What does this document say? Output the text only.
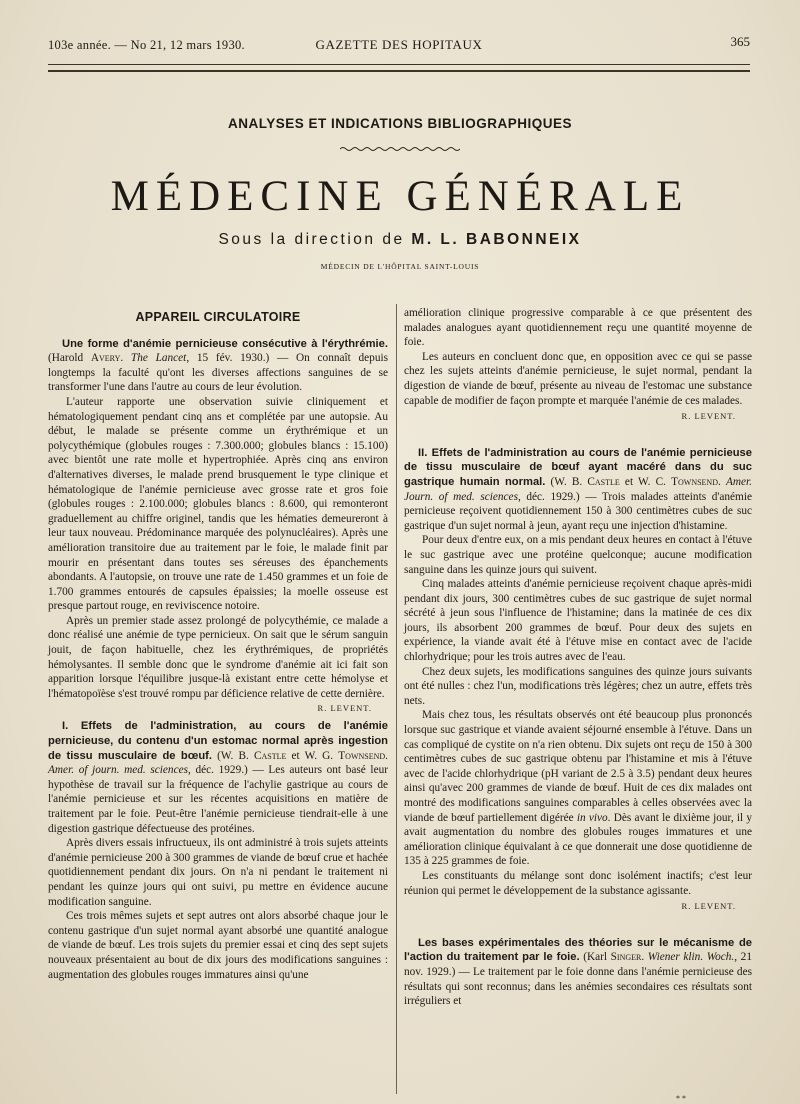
103e année. — No 21, 12 mars 1930.	GAZETTE DES HOPITAUX	365
ANALYSES ET INDICATIONS BIBLIOGRAPHIQUES
MÉDECINE GÉNÉRALE
Sous la direction de M. L. BABONNEIX
MÉDECIN DE L'HÔPITAL SAINT-LOUIS
APPAREIL CIRCULATOIRE

Une forme d'anémie pernicieuse consécutive à l'érythrémie.(Harold Avery. The Lancet, 15 fév. 1930.) — On connaît depuis longtemps la faculté qu'ont les diverses affections sanguines de se transformer l'une dans l'autre au cours de leur évolution.

L'auteur rapporte une observation suivie cliniquement et hématologiquement pendant cinq ans et complétée par une autopsie. Au début, le malade se présente comme un érythrémique et un polycythémique (globules rouges : 7.300.000; globules blancs : 15.100) avec bientôt une rate molle et hypertrophiée. Après cinq ans environ d'alternatives diverses, le malade prend brusquement le type clinique et hématologique de l'anémie pernicieuse avec grosse rate et gros foie (globules rouges : 2.100.000; globules blancs : 8.600, qui remonteront graduellement au chiffre originel, tandis que les hématies demeureront à leur taux nouveau. Prédominance marquée des polynucléaires). Après une amélioration transitoire due au traitement par le foie, le malade finit par mourir en présentant dans toutes ses séreuses des épanchements abondants. A l'autopsie, on trouve une rate de 1.450 grammes et un foie de 1.700 grammes entourés de capsules épaissies; la moelle osseuse est presque partout rouge, en reviviscence notoire.

Après un premier stade assez prolongé de polycythémie, ce malade a donc réalisé une anémie de type pernicieux. On sait que le sérum sanguin jouit, de façon habituelle, chez les érythrémiques, de propriétés hémolysantes. Il semble donc que le syndrome d'anémie ait ici fait son apparition lorsque l'équilibre jusque-là existant entre cette hémolyse et l'hématopoïèse s'est trouvé rompu par déficience relative de cette dernière.
R. LEVENT.

I. Effets de l'administration, au cours de l'anémie pernicieuse, du contenu d'un estomac normal après ingestion de tissu musculaire de bœuf. (W. B. Castle et W. G. Townsend. Amer. of journ. med. sciences, déc. 1929.) — Les auteurs ont basé leur hypothèse de travail sur la fréquence de l'achylie gastrique au cours de l'anémie pernicieuse et sur les récentes acquisitions en matière de traitement par le foie. Peut-être l'anémie pernicieuse tiendrait-elle à une digestion gastrique défectueuse des protéines.

Après divers essais infructueux, ils ont administré à trois sujets atteints d'anémie pernicieuse 200 à 300 grammes de viande de bœuf crue et hachée quotidiennement pendant dix jours. On n'a ni pendant le traitement ni pendant les quinze jours qui ont suivi, pu mettre en évidence aucune modification sanguine.

Ces trois mêmes sujets et sept autres ont alors absorbé chaque jour le contenu gastrique d'un sujet normal ayant absorbé une quantité analogue de viande de bœuf. Les trois sujets du premier essai et cinq des sept sujets nouveaux présentaient au bout de dix jours des modifications sanguines : augmentation des globules rouges immatures ainsi qu'une

amélioration clinique progressive comparable à ce que présentent des malades analogues ayant quotidiennement reçu une quantité moyenne de foie.

Les auteurs en concluent donc que, en opposition avec ce qui se passe chez les sujets atteints d'anémie pernicieuse, le sujet normal, pendant la digestion de viande de bœuf, présente au niveau de l'estomac une substance capable de modifier de façon prompte et marquée l'anémie de ces malades.

R. LEVENT.

II. Effets de l'administration au cours de l'anémie pernicieuse de tissu musculaire de bœuf ayant macéré dans du suc gastrique humain normal. (W. B. Castle et W. C. Townsend. Amer. Journ. of med. sciences, déc. 1929.) — Trois malades atteints d'anémie pernicieuse reçoivent quotidiennement 150 à 300 centimètres cubes de suc gastrique d'un sujet normal à jeun, ayant reçu une injection d'histamine.

Pour deux d'entre eux, on a mis pendant deux heures en contact à l'étuve le suc gastrique avec une protéine quelconque; aucune modification sanguine dans les quinze jours qui suivent.

Cinq malades atteints d'anémie pernicieuse reçoivent chaque après-midi pendant dix jours, 300 centimètres cubes de suc gastrique de sujet normal sécrété à jeun sous l'influence de l'histamine; dans la matinée de ces dix jours, ils absorbent 200 grammes de bœuf. Pour deux des sujets en expérience, la viande avait été à l'étuve mise en contact avec de l'acide chlorhydrique; pour les trois autres avec de l'eau.

Chez deux sujets, les modifications sanguines des quinze jours suivants ont été nulles : chez l'un, modifications très légères; chez un autre, effets très nets.

Mais chez tous, les résultats observés ont été beaucoup plus prononcés lorsque suc gastrique et viande avaient séjourné ensemble à l'étuve. Dans un cas compliqué de cystite on n'a rien obtenu. Dix sujets ont reçu de 150 à 300 centimètres cubes de suc gastrique obtenu par l'histamine et mis à l'étuve avec de l'acide chlorhydrique (pH variant de 2.5 à 3.5) pendant deux heures ainsi qu'avec 200 grammes de viande de bœuf. Huit de ces dix malades ont montré des modifications sanguines comparables à celles observées avec la viande de bœuf partiellement digérée in vivo. Dès avant le dixième jour, il y avait augmentation du nombre des globules rouges immatures et une amélioration clinique équivalant à ce que donnerait une dose quotidienne de 135 à 225 grammes de foie.

Les constituants du mélange sont donc isolément inactifs; c'est leur réunion qui permet le développement de la substance agissante.

R. LEVENT.

Les bases expérimentales des théories sur le mécanisme de l'action du traitement par le foie. (Karl Singer. Wiener klin. Woch., 21 nov. 1929.) — Le traitement par le foie donne dans l'anémie pernicieuse des résultats qui sont reconnus; dans les anémies secondaires ces résultats sont irréguliers et

**
